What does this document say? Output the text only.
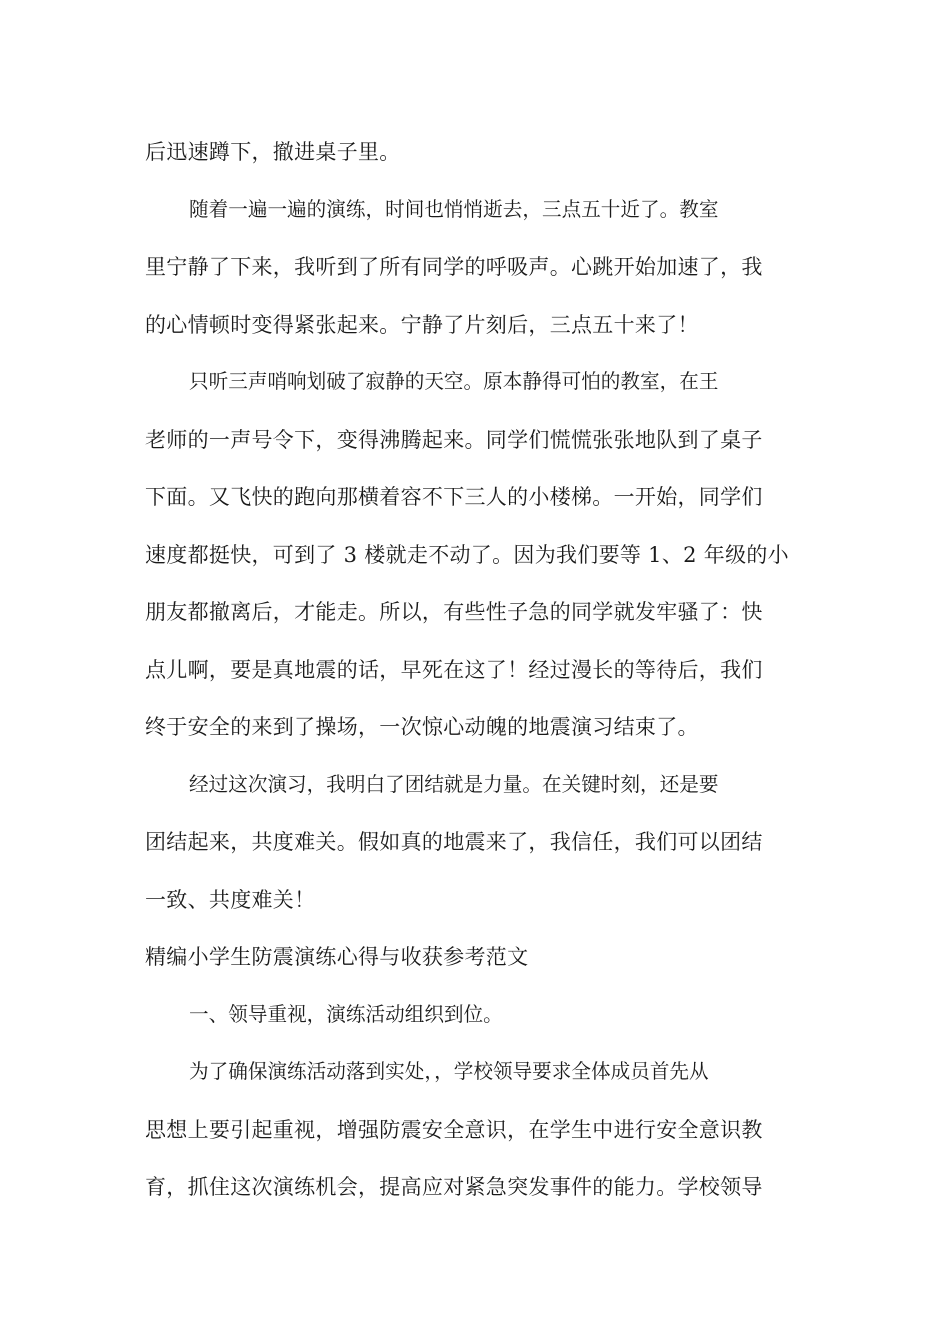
后迅速蹲下，撤进桌子里。
随着一遍一遍的演练，时间也悄悄逝去，三点五十近了。教室
里宁静了下来，我听到了所有同学的呼吸声。心跳开始加速了，我
的心情顿时变得紧张起来。宁静了片刻后，三点五十来了！
只听三声哨响划破了寂静的天空。原本静得可怕的教室，在王
老师的一声号令下，变得沸腾起来。同学们慌慌张张地队到了桌子
下面。又飞快的跑向那横着容不下三人的小楼梯。一开始，同学们
速度都挺快，可到了 3 楼就走不动了。因为我们要等 1、2 年级的小
朋友都撤离后，才能走。所以，有些性子急的同学就发牢骚了：快
点儿啊，要是真地震的话，早死在这了！经过漫长的等待后，我们
终于安全的来到了操场，一次惊心动魄的地震演习结束了。
经过这次演习，我明白了团结就是力量。在关键时刻，还是要
团结起来，共度难关。假如真的地震来了，我信任，我们可以团结
一致、共度难关！
精编小学生防震演练心得与收获参考范文
一、领导重视，演练活动组织到位。
为了确保演练活动落到实处，，学校领导要求全体成员首先从
思想上要引起重视，增强防震安全意识，在学生中进行安全意识教
育，抓住这次演练机会，提高应对紧急突发事件的能力。学校领导
